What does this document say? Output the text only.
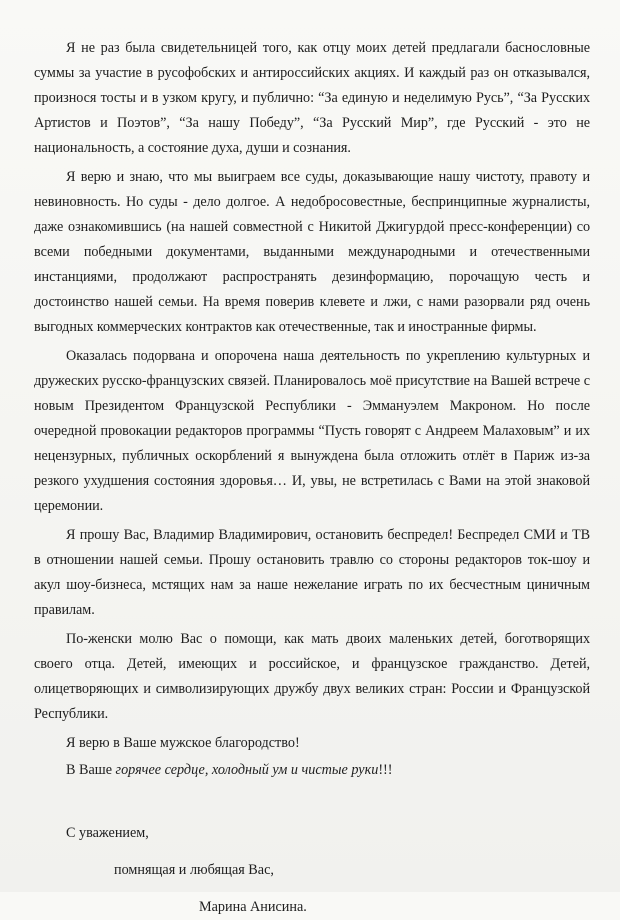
Я не раз была свидетельницей того, как отцу моих детей предлагали баснословные суммы за участие в русофобских и антироссийских акциях. И каждый раз он отказывался, произнося тосты и в узком кругу, и публично: “За единую и неделимую Русь”, “За Русских Артистов и Поэтов”, “За нашу Победу”, “За Русский Мир”, где Русский - это не национальность, а состояние духа, души и сознания.

Я верю и знаю, что мы выиграем все суды, доказывающие нашу чистоту, правоту и невиновность. Но суды - дело долгое. А недобросовестные, беспринципные журналисты, даже ознакомившись (на нашей совместной с Никитой Джигурдой пресс-конференции) со всеми победными документами, выданными международными и отечественными инстанциями, продолжают распространять дезинформацию, порочащую честь и достоинство нашей семьи. На время поверив клевете и лжи, с нами разорвали ряд очень выгодных коммерческих контрактов как отечественные, так и иностранные фирмы.

Оказалась подорвана и опорочена наша деятельность по укреплению культурных и дружеских русско-французских связей. Планировалось моё присутствие на Вашей встрече с новым Президентом Французской Республики - Эммануэлем Макроном. Но после очередной провокации редакторов программы “Пусть говорят с Андреем Малаховым” и их нецензурных, публичных оскорблений я вынуждена была отложить отлёт в Париж из-за резкого ухудшения состояния здоровья… И, увы, не встретилась с Вами на этой знаковой церемонии.

Я прошу Вас, Владимир Владимирович, остановить беспредел! Беспредел СМИ и ТВ в отношении нашей семьи. Прошу остановить травлю со стороны редакторов ток-шоу и акул шоу-бизнеса, мстящих нам за наше нежелание играть по их бесчестным циничным правилам.

По-женски молю Вас о помощи, как мать двоих маленьких детей, боготворящих своего отца. Детей, имеющих и российское, и французское гражданство. Детей, олицетворяющих и символизирующих дружбу двух великих стран: России и Французской Республики.

Я верю в Ваше мужское благородство!

В Ваше горячее сердце, холодный ум и чистые руки!!!

С уважением,

помнящая и любящая Вас,

Марина Анисина.
